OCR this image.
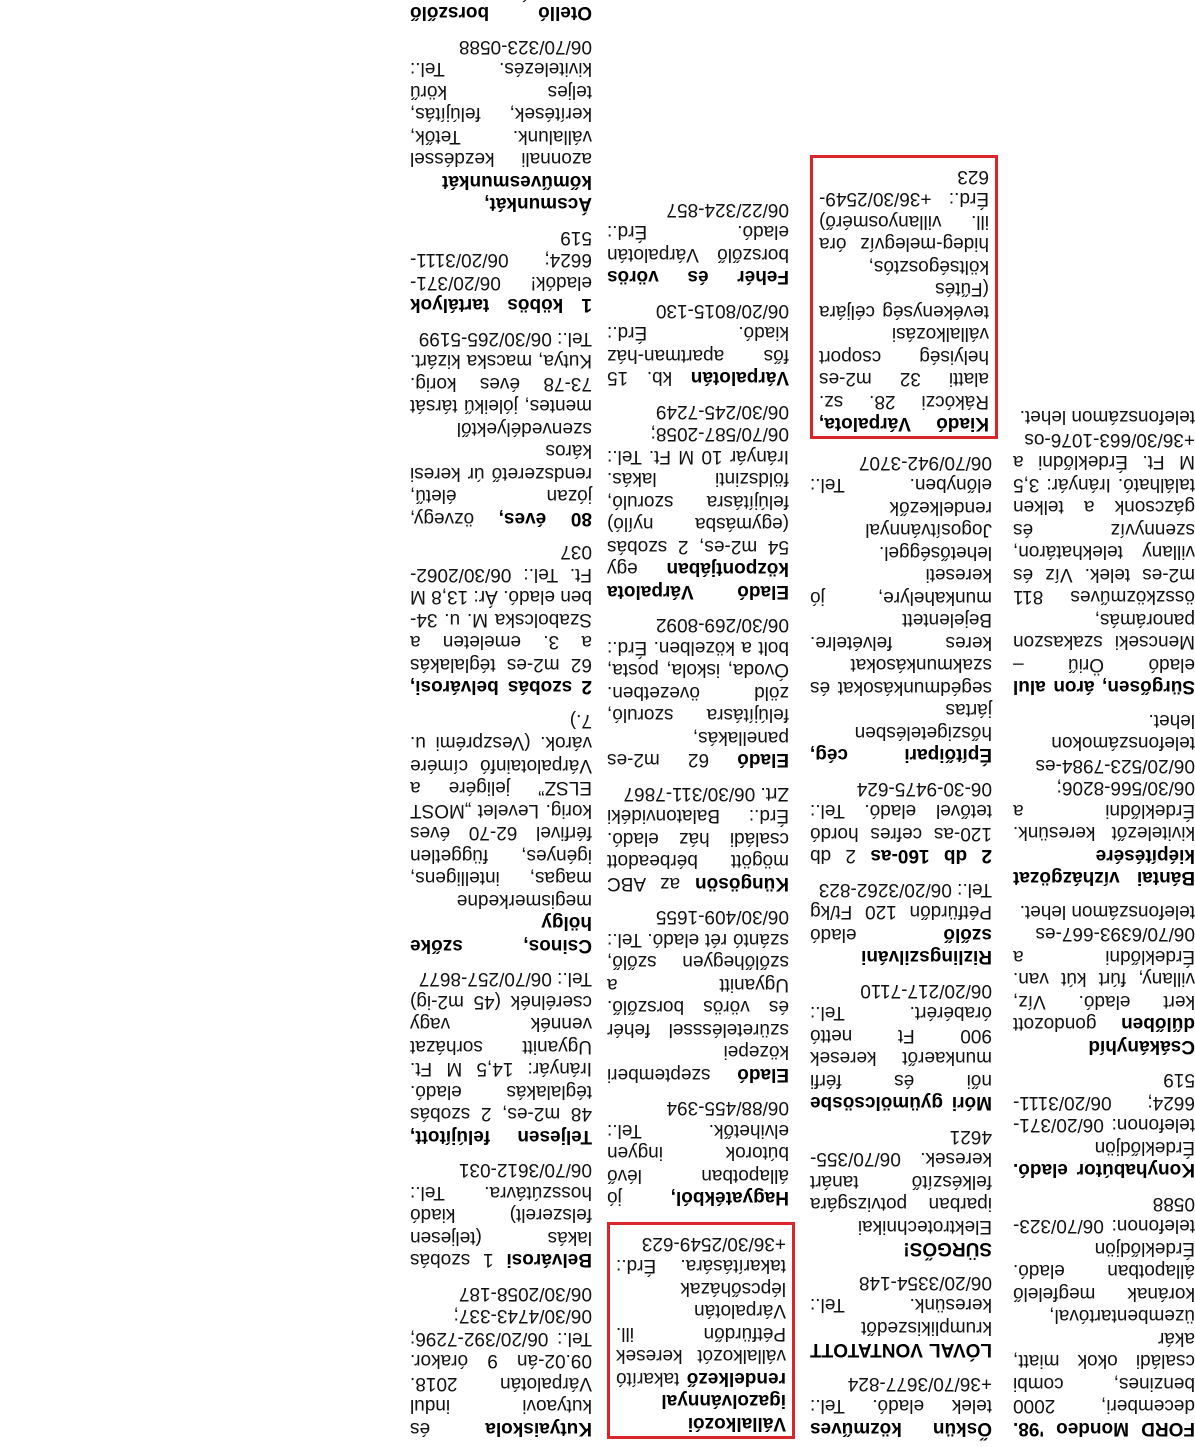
Kutyaiskola és kutyaovi indul Várpalotán 2018. 09.02-án 9 órakor. Tel.: 06/20/392-7296; 06/30/4743-337; 06/30/2058-187

Belvárosi 1 szobás lakás (teljesen felszerelt) kiadó hosszútávra. Tel.: 06/70/3612-031

Teljesen felújított, 48 m2-es, 2 szobás téglalakás eladó. Irányár: 14,5 M Ft. Ugyanitt sorházat vennék vagy cserélnék (45 m2-ig) Tel.: 06/70/257-8677

Csinos, szőke hölgy megismerkedne magas, intelligens, igényes, független férfivel 62-70 éves korig. Levelet „MOST ELSZ” jeligére a Várpalotainfó címére várok. (Veszprémi u. 7.)

2 szobás belvárosi, 62 m2-es téglalakás a 3. emeleten a Szabolcska M. u. 34-ben eladó. Ár: 13,8 M Ft. Tel.: 06/30/2062-037

80 éves, özvegy, józan életű, rendszerető úr keresi káros szenvedélyektől mentes, jóleikű társát 73-78 éves korig. Kutya, macska kizárt. Tel.: 06/30/265-5199

1 köbös tartályok eladók! 06/20/371-6624; 06/20/3111-519

Ácsmunkát, kőművesmunkát azonnali kezdéssel vállalunk. Tetők, kerítések, felújítás, teljes körű kivitelezés. Tel.: 06/70/323-0588

Otelló borszőlő

Vállalkozói igazolvánnyal rendelkező takarító vállalkozót keresek Pétfürdőn ill. Várpalotán lépcsőházak takarítására. Érd.: +36/30/2549-623

Hagyatékból, jó állapotban lévő bútorok ingyen elvihetők. Tel.: 06/88/455-394

Eladó szeptemberi közepei szüretelésssel fehér és vörös borszőlő. Ugyanitt a szőlőhegyen szőlő, szántó rét eladó. Tel.: 06/30/409-1655

Küngösön az ABC mögött bérbeadott családi ház eladó. Érd.: Balatonvidéki Zrt. 06/30/311-7867

Eladó 62 m2-es panellakás, felújításra szoruló, zöld övezetben. Óvoda, iskola, posta, bolt a közelben. Érd.: 06/30/269-8092

Eladó Várpalota központjában egy 54 m2-es, 2 szobás (egymásba nyíló) felújításra szoruló, földszinti lakás. Irányár 10 M Ft. Tel.: 06/70/587-2058; 06/30/245-7249

Várpalotán kb. 15 fős apartman-ház kiadó. Érd.: 06/20/8015-130

Fehér és vörös borszőlő Várpalotán eladó. Érd.: 06/22/324-857

Őskün közműves telek eladó. Tel.: +36/70/3677-824

LÓVAL VONTATOTT krumplikiszedőt keresünk. Tel.: 06/20/3354-148

SÜRGŐS! Elektrotechnikai iparban potvizsgára felkészítő tanárt keresek. 06/70/355-4621

Móri gyümölcsösbe női és férfi munkaerőt keresek 900 Ft nettó órabérért. Tel.: 06/20/217-7110

Rizlingszilváni szőlő eladó Pétfürdőn 120 Ft/kg Tel.: 06/20/3262-823

2 db 160-as 2 db 120-as cefres hordó tetővel eladó. Tel.: 06-30-9475-624

Építőipari cég, hőszigetelésben jártas segédmunkásokat és szakmunkásokat keres felvételre. Bejelentett munkahelyre, jó kereseti lehetőséggel. Jogosítvánnyal rendelkezők előnyben. Tel.: 06/70/942-3707

Kiadó Várpalota, Rákóczi 28. sz. alatti 32 m2-es helyiség csoport vállalkozási tevékenység céljára (Fűtés költségosztós, hideg-melegvíz óra ill. villanyosmérő) Érd.: +36/30/2549-623

FORD Mondeo '98. decemberi, 2000 benzines, combi családi okok miatt, akár üzembentartóval, korának megfelelő állapotban eladó. Érdeklődjön telefonon: 06/70/323-0588

Konyhabútor eladó. Érdeklődjön telefonon: 06/20/371-6624; 06/20/3111-519

Csákányhíd dűlőben gondozott kert eladó. Víz, villany, fúrt kút van. Érdeklődni a 06/70/6393-667-es telefonszámon lehet.

Bántai vízházgözat kiépítésére kivitelezőt keresünk. Érdeklődni a 06/30/566-8206; 06/20/523-7984-es telefonszámokon lehet.

Sürgősen, áron alul eladó Öriű – Mencseki szakaszon panorámás, összközműves 811 m2-es telek. Víz és villany telekhatáron, szennyvíz és gázcsonk a telken található. Irányár: 3,5 M Ft. Érdeklődni a +36/30/663-1076-os telefonszámon lehet.
